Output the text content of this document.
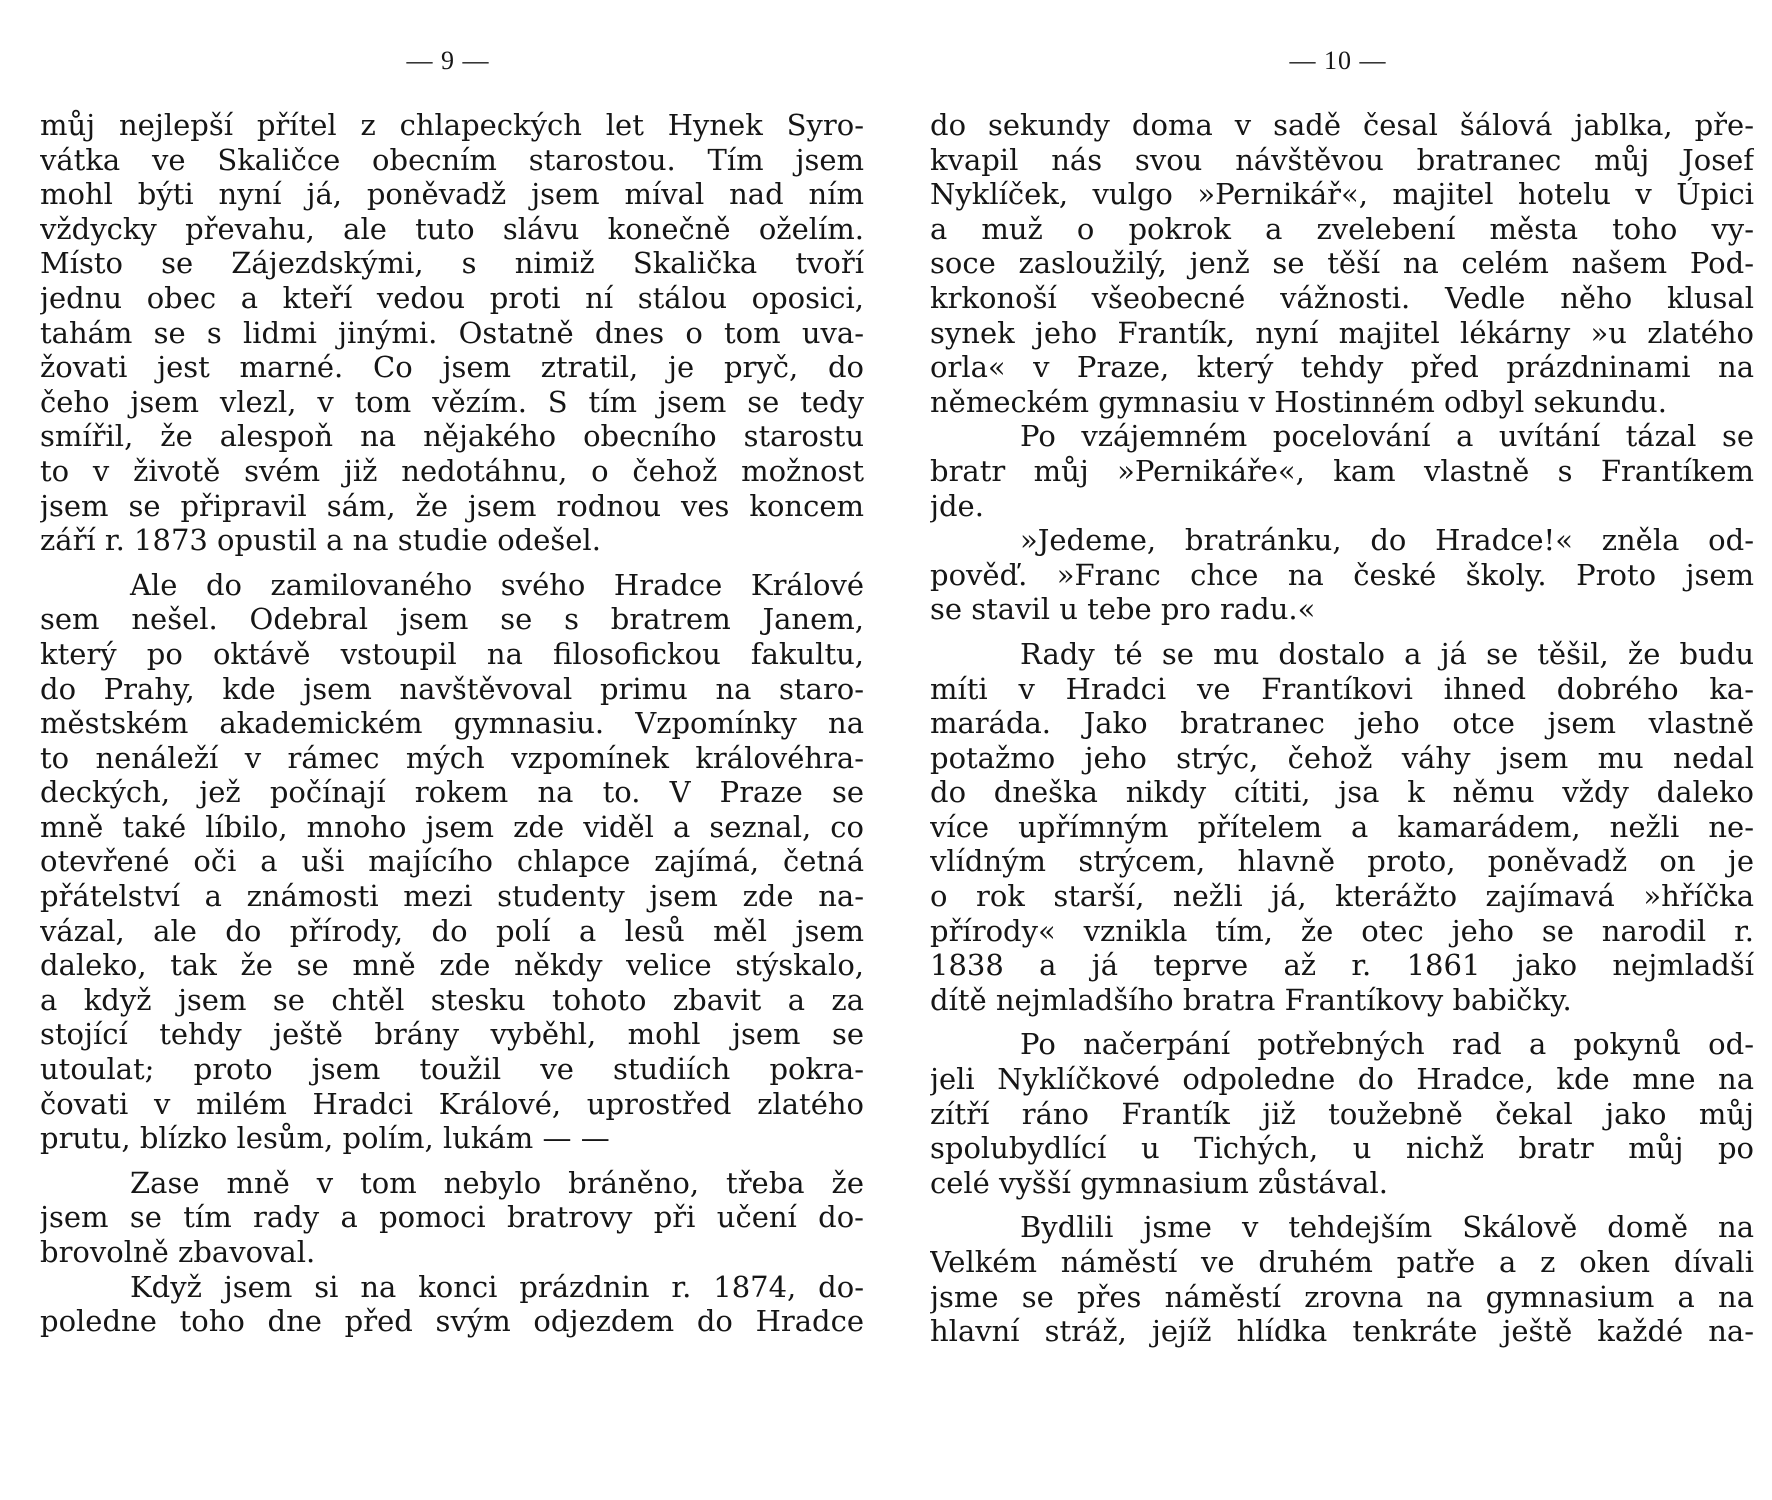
— 9 —
můj nejlepší přítel z chlapeckých let Hynek Syro-
vátka ve Skaličce obecním starostou. Tím jsem
mohl býti nyní já, poněvadž jsem míval nad ním
vždycky převahu, ale tuto slávu konečně oželím.
Místo se Zájezdskými, s nimiž Skalička tvoří
jednu obec a kteří vedou proti ní stálou oposici,
tahám se s lidmi jinými. Ostatně dnes o tom uva-
žovati jest marné. Co jsem ztratil, je pryč, do
čeho jsem vlezl, v tom vězím. S tím jsem se tedy
smířil, že alespoň na nějakého obecního starostu
to v životě svém již nedotáhnu, o čehož možnost
jsem se připravil sám, že jsem rodnou ves koncem
září r. 1873 opustil a na studie odešel.
Ale do zamilovaného svého Hradce Králové
sem nešel. Odebral jsem se s bratrem Janem,
který po oktávě vstoupil na filosofickou fakultu,
do Prahy, kde jsem navštěvoval primu na staro-
městském akademickém gymnasiu. Vzpomínky na
to nenáleží v rámec mých vzpomínek královéhra-
deckých, jež počínají rokem na to. V Praze se
mně také líbilo, mnoho jsem zde viděl a seznal, co
otevřené oči a uši majícího chlapce zajímá, četná
přátelství a známosti mezi studenty jsem zde na-
vázal, ale do přírody, do polí a lesů měl jsem
daleko, tak že se mně zde někdy velice stýskalo,
a když jsem se chtěl stesku tohoto zbavit a za
stojící tehdy ještě brány vyběhl, mohl jsem se
utoulat; proto jsem toužil ve studiích pokra-
čovati v milém Hradci Králové, uprostřed zlatého
prutu, blízko lesům, polím, lukám — —
Zase mně v tom nebylo bráněno, třeba že
jsem se tím rady a pomoci bratrovy při učení do-
brovolně zbavoval.
Když jsem si na konci prázdnin r. 1874, do-
poledne toho dne před svým odjezdem do Hradce
— 10 —
do sekundy doma v sadě česal šálová jablka, pře-
kvapil nás svou návštěvou bratranec můj Josef
Nyklíček, vulgo »Pernikář«, majitel hotelu v Úpici
a muž o pokrok a zvelebení města toho vy-
soce zasloužilý, jenž se těší na celém našem Pod-
krkonoší všeobecné vážnosti. Vedle něho klusal
synek jeho Frantík, nyní majitel lékárny »u zlatého
orla« v Praze, který tehdy před prázdninami na
německém gymnasiu v Hostinném odbyl sekundu.
Po vzájemném pocelování a uvítání tázal se
bratr můj »Pernikáře«, kam vlastně s Frantíkem
jde.
»Jedeme, bratránku, do Hradce!« zněla od-
pověď. »Franc chce na české školy. Proto jsem
se stavil u tebe pro radu.«
Rady té se mu dostalo a já se těšil, že budu
míti v Hradci ve Frantíkovi ihned dobrého ka-
maráda. Jako bratranec jeho otce jsem vlastně
potažmo jeho strýc, čehož váhy jsem mu nedal
do dneška nikdy cítiti, jsa k němu vždy daleko
více upřímným přítelem a kamarádem, nežli ne-
vlídným strýcem, hlavně proto, poněvadž on je
o rok starší, nežli já, kterážto zajímavá »hříčka
přírody« vznikla tím, že otec jeho se narodil r.
1838 a já teprve až r. 1861 jako nejmladší
dítě nejmladšího bratra Frantíkovy babičky.
Po načerpání potřebných rad a pokynů od-
jeli Nyklíčkové odpoledne do Hradce, kde mne na
zítří ráno Frantík již toužebně čekal jako můj
spolubydlící u Tichých, u nichž bratr můj po
celé vyšší gymnasium zůstával.
Bydlili jsme v tehdejším Skálově domě na
Velkém náměstí ve druhém patře a z oken dívali
jsme se přes náměstí zrovna na gymnasium a na
hlavní stráž, jejíž hlídka tenkráte ještě každé na-
